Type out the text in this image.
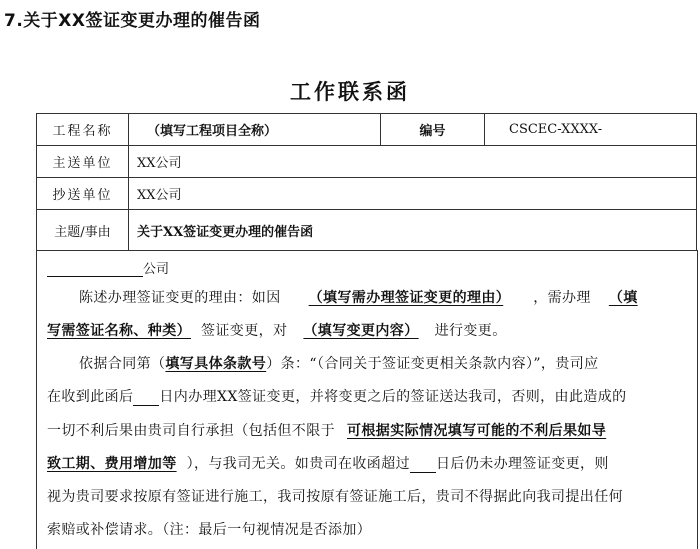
7.关于XX签证变更办理的催告函
工作联系函
工程名称	（填写工程项目全称）	编号	CSCEC-XXXX-
主送单位	XX公司		
抄送单位	XX公司		
主题/事由	关于XX签证变更办理的催告函		
公司
陈述办理签证变更的理由：如因 （填写需办理签证变更的理由） ，需办理 （填
写需签证名称、种类） 签证变更，对 （填写变更内容） 进行变更。
依据合同第（填写具体条款号）条：“（合同关于签证变更相关条款内容）”，贵司应
在收到此函后 日内办理XX签证变更，并将变更之后的签证送达我司，否则，由此造成的
一切不利后果由贵司自行承担（包括但不限于 可根据实际情况填写可能的不利后果如导
致工期、费用增加等 ），与我司无关。如贵司在收函超过 日后仍未办理签证变更，则
视为贵司要求按原有签证进行施工，我司按原有签证施工后，贵司不得据此向我司提出任何
索赔或补偿请求。（注：最后一句视情况是否添加）
